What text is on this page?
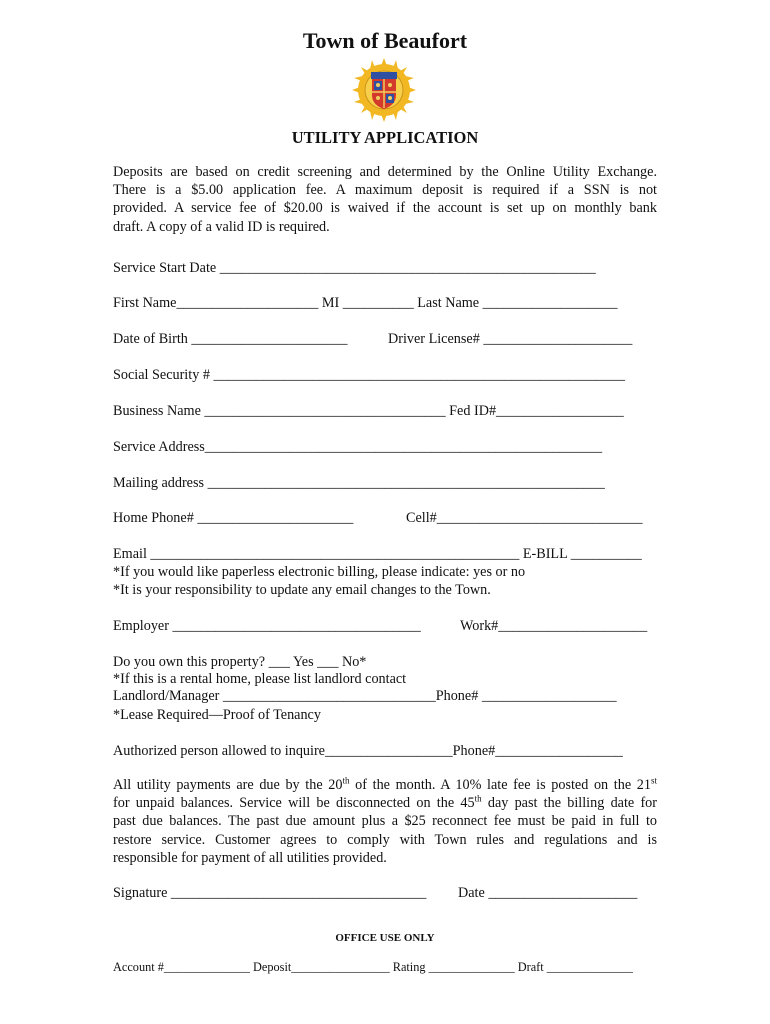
Town of Beaufort
UTILITY APPLICATION
Deposits are based on credit screening and determined by the Online Utility Exchange.
There is a $5.00 application fee. A maximum deposit is required if a SSN is not
provided. A service fee of $20.00 is waived if the account is set up on monthly bank
draft. A copy of a valid ID is required.
Service Start Date _____________________________________________________
First Name____________________ MI __________ Last Name ___________________
Date of Birth ______________________	Driver License# _____________________
Social Security # __________________________________________________________
Business Name __________________________________ Fed ID#__________________
Service Address________________________________________________________
Mailing address ________________________________________________________
Home Phone# ______________________	Cell#_____________________________
Email ____________________________________________________ E-BILL __________
*If you would like paperless electronic billing, please indicate: yes or no
*It is your responsibility to update any email changes to the Town.
Employer ___________________________________	Work#_____________________
Do you own this property? ___ Yes ___ No*
*If this is a rental home, please list landlord contact
Landlord/Manager ______________________________Phone# ___________________
*Lease Required—Proof of Tenancy
Authorized person allowed to inquire__________________Phone#__________________
All utility payments are due by the 20th of the month. A 10% late fee is posted on the 21st
for unpaid balances. Service will be disconnected on the 45th day past the billing date for
past due balances. The past due amount plus a $25 reconnect fee must be paid in full to
restore service. Customer agrees to comply with Town rules and regulations and is
responsible for payment of all utilities provided.
Signature ____________________________________ Date _____________________
OFFICE USE ONLY
Account #______________ Deposit________________ Rating ______________ Draft ______________
